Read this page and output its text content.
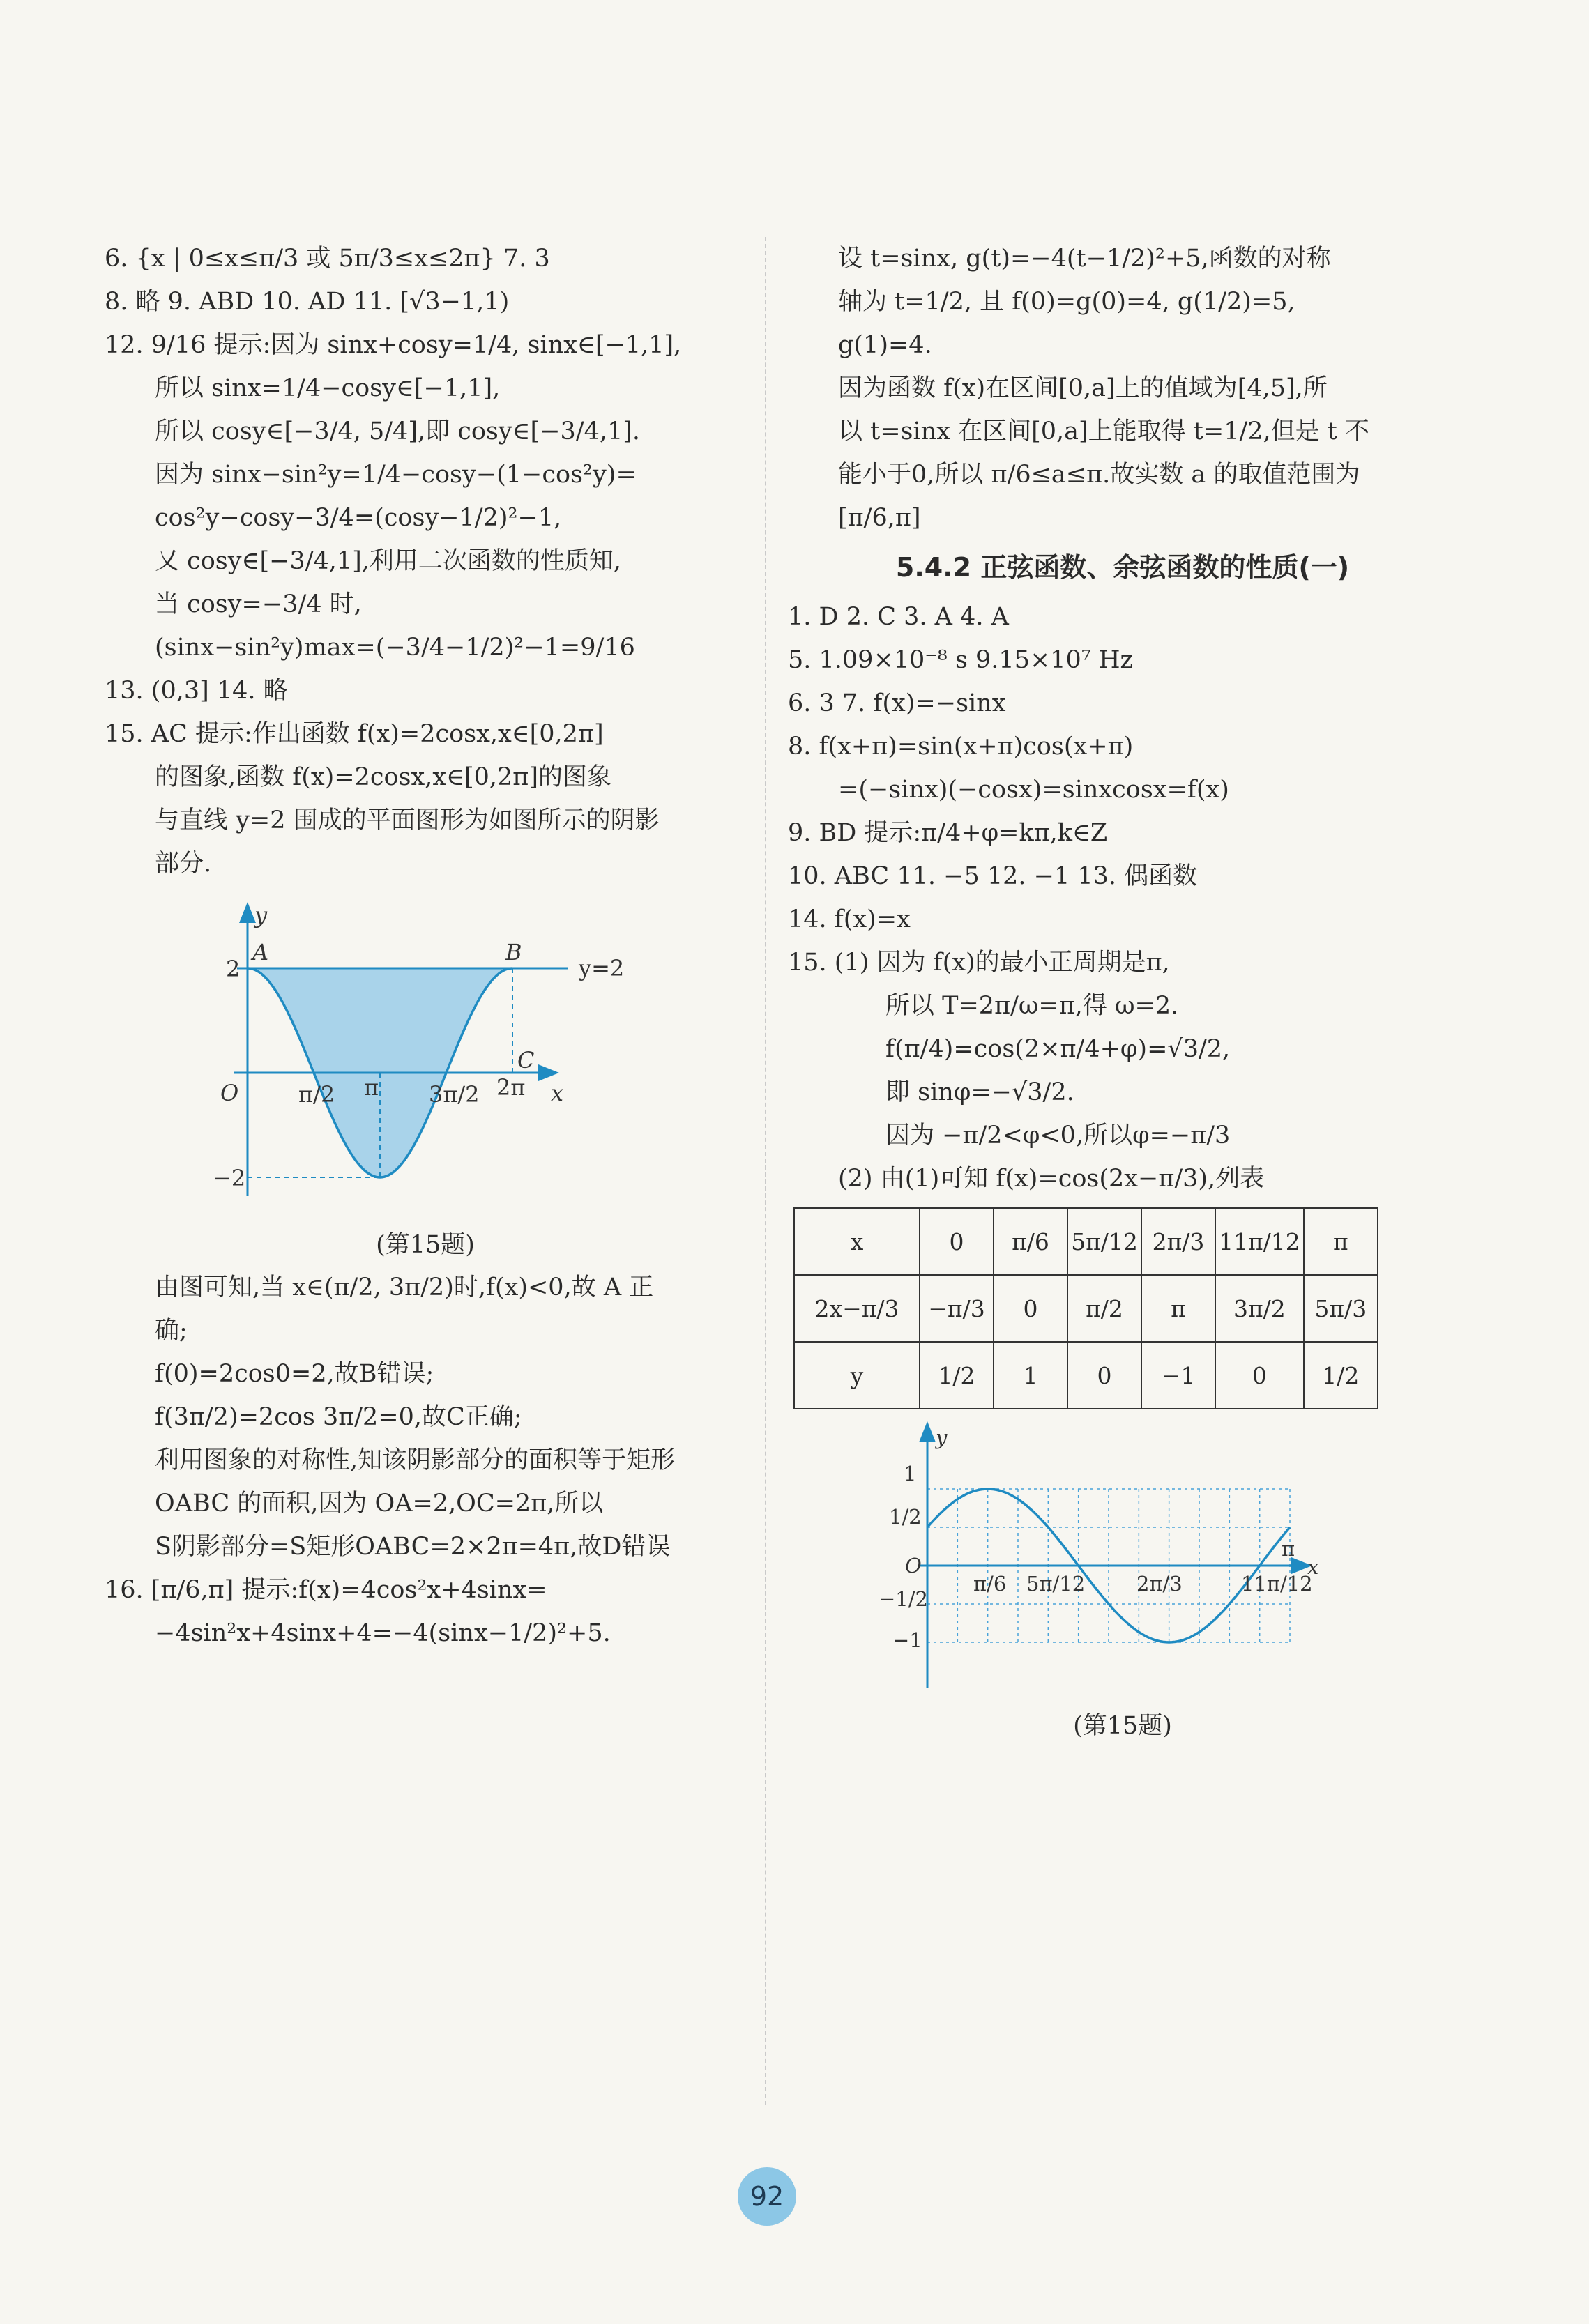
6. {x | 0≤x≤π/3 或 5π/3≤x≤2π} 7. 3
8. 略 9. ABD 10. AD 11. [√3−1,1)
12. 9/16 提示:因为 sinx+cosy=1/4, sinx∈[−1,1],
所以 sinx=1/4−cosy∈[−1,1],
所以 cosy∈[−3/4, 5/4],即 cosy∈[−3/4,1].
因为 sinx−sin²y=1/4−cosy−(1−cos²y)=
cos²y−cosy−3/4=(cosy−1/2)²−1,
又 cosy∈[−3/4,1],利用二次函数的性质知,
当 cosy=−3/4 时,
(sinx−sin²y)max=(−3/4−1/2)²−1=9/16
13. (0,3] 14. 略
15. AC 提示:作出函数 f(x)=2cosx,x∈[0,2π]
的图象,函数 f(x)=2cosx,x∈[0,2π]的图象
与直线 y=2 围成的平面图形为如图所示的阴影
部分.
y
x
y=2
A	B
C
O
2
−2
π/2 π 3π/2 2π
(第15题)
由图可知,当 x∈(π/2, 3π/2)时,f(x)<0,故 A 正
确;
f(0)=2cos0=2,故B错误;
f(3π/2)=2cos 3π/2=0,故C正确;
利用图象的对称性,知该阴影部分的面积等于矩形
OABC 的面积,因为 OA=2,OC=2π,所以
S阴影部分=S矩形OABC=2×2π=4π,故D错误
16. [π/6,π] 提示:f(x)=4cos²x+4sinx=
−4sin²x+4sinx+4=−4(sinx−1/2)²+5.
设 t=sinx, g(t)=−4(t−1/2)²+5,函数的对称
轴为 t=1/2, 且 f(0)=g(0)=4, g(1/2)=5,
g(1)=4.
因为函数 f(x)在区间[0,a]上的值域为[4,5],所
以 t=sinx 在区间[0,a]上能取得 t=1/2,但是 t 不
能小于0,所以 π/6≤a≤π.故实数 a 的取值范围为
[π/6,π]
5.4.2 正弦函数、余弦函数的性质(一)
1. D 2. C 3. A 4. A
5. 1.09×10⁻⁸ s 9.15×10⁷ Hz
6. 3 7. f(x)=−sinx
8. f(x+π)=sin(x+π)cos(x+π)
=(−sinx)(−cosx)=sinxcosx=f(x)
9. BD 提示:π/4+φ=kπ,k∈Z
10. ABC 11. −5 12. −1 13. 偶函数
14. f(x)=x
15. (1) 因为 f(x)的最小正周期是π,
所以 T=2π/ω=π,得 ω=2.
f(π/4)=cos(2×π/4+φ)=√3/2,
即 sinφ=−√3/2.
因为 −π/2<φ<0,所以φ=−π/3
(2) 由(1)可知 f(x)=cos(2x−π/3),列表
x	0	π/6	5π/12	2π/3	11π/12	π
2x−π/3	−π/3	0	π/2	π	3π/2	5π/3
y	1/2	1	0	−1	0	1/2
y
x
O
1
1/2
−1/2
−1
π/6 5π/12	2π/3	11π/12
π
(第15题)
92
